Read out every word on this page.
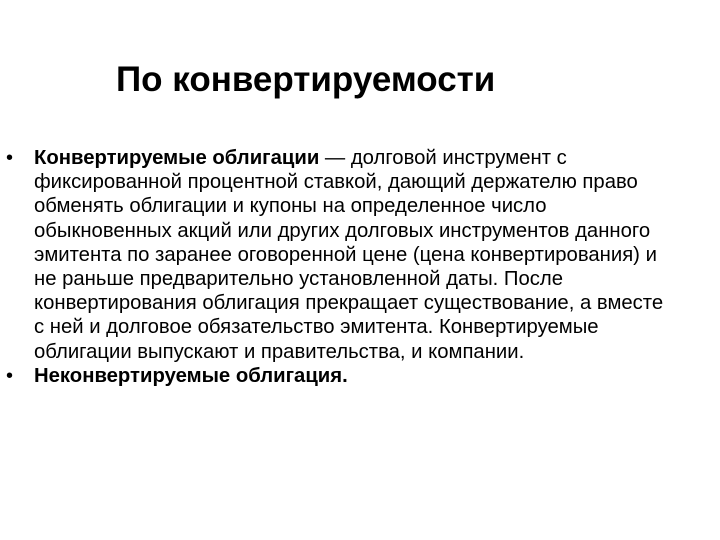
По конвертируемости
• Конвертируемые облигации — долговой инструмент с фиксированной процентной ставкой, дающий держателю право обменять облигации и купоны на определенное число обыкновенных акций или других долговых инструментов данного эмитента по заранее оговоренной цене (цена конвертирования) и не раньше предварительно установленной даты. После конвертирования облигация прекращает существование, а вместе с ней и долговое обязательство эмитента. Конвертируемые облигации выпускают и правительства, и компании.
• Неконвертируемые облигация.
